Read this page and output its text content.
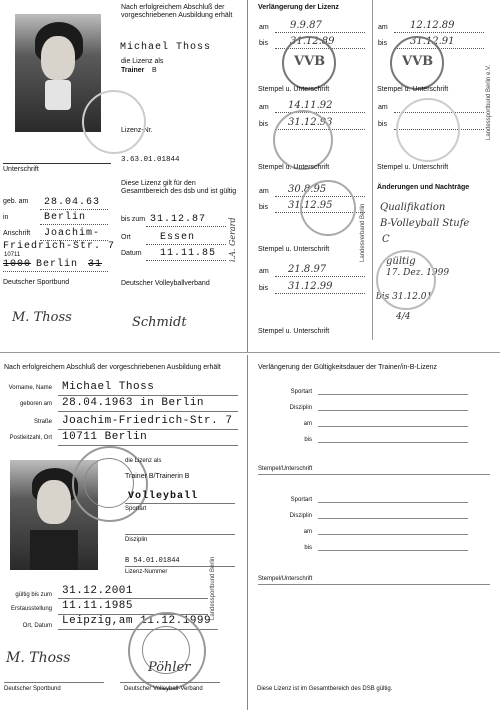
Nach erfolgreichem Abschluß der vorgeschriebenen Ausbildung erhält
Michael Thoss
die Lizenz als
Trainer B
Lizenz-Nr.
3.63.01.01844
Unterschrift
geb. am 28.04.63
in	Berlin
Anschrift Joachim-
Friedrich-Str. 7
10711
1000 Berlin 31
Deutscher Sportbund
M. Thoss
Diese Lizenz gilt für den Gesamtbereich des dsb und ist gültig
bis zum 31.12.87
Ort	Essen
Datum 11.11.85
Deutscher Volleyballverband
Schmidt
i.A. Gerard
Verlängerung der Lizenz
am 9.9.87
bis 31.12.89
VVB
Stempel u. Unterschrift
am 12.12.89
bis 31.12.91
VVB
Stempel u. Unterschrift
am 14.11.92
bis 31.12.93
Stempel u. Unterschrift
am
bis
Stempel u. Unterschrift
am 30.8.95
bis 31.12.95
Stempel u. Unterschrift
Änderungen und Nachträge
Qualifikation
B-Volleyball Stufe
C
gültig
17. Dez. 1999
bis 31.12.01
4/4
am 21.8.97
bis 31.12.99
Stempel u. Unterschrift
Landessportbund Berlin e.V.
Landesverband Berlin
Nach erfolgreichem Abschluß der vorgeschriebenen Ausbildung erhält
Vorname, Name Michael Thoss
geboren am 28.04.1963 in Berlin
Straße Joachim-Friedrich-Str. 7
Postleitzahl, Ort 10711 Berlin
die Lizenz als
Trainer B/Trainerin B
Volleyball
Sportart
Disziplin
B 54.01.01844
Lizenz-Nummer
gültig bis zum 31.12.2001
Erstausstellung 11.11.1985
Ort, Datum Leipzig,am 11.12.1999
M. Thoss
Deutscher Sportbund
Pöhler
Deutscher Volleyball-Verband
Landessportbund Berlin
Verlängerung der Gültigkeitsdauer der Trainer/in-B-Lizenz
Sportart
Disziplin
am
bis
Stempel/Unterschrift
Sportart
Disziplin
am
bis
Stempel/Unterschrift
Diese Lizenz ist im Gesamtbereich des DSB gültig.
